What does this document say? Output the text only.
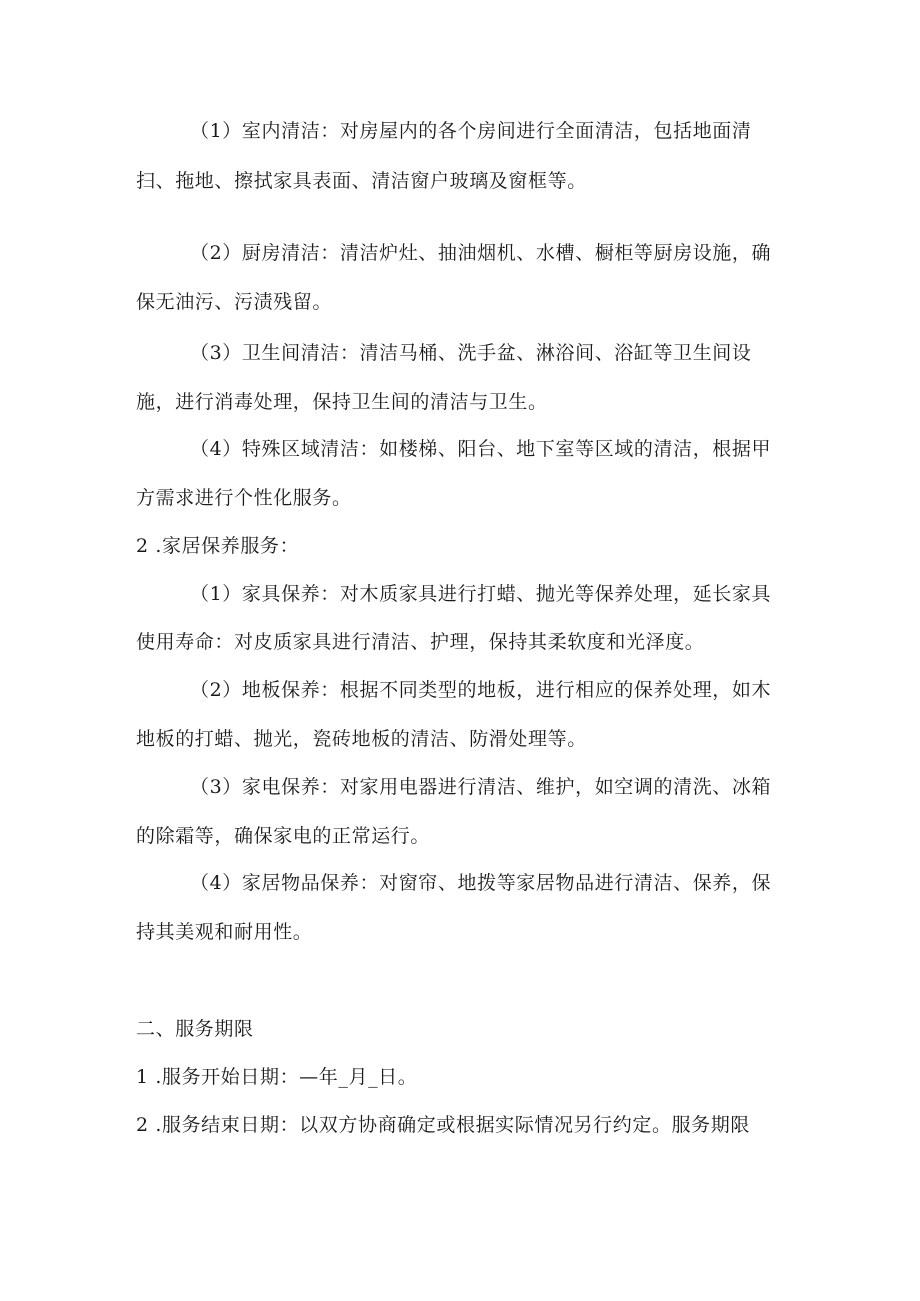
（1）室内清洁：对房屋内的各个房间进行全面清洁，包括地面清
扫、拖地、擦拭家具表面、清洁窗户玻璃及窗框等。
（2）厨房清洁：清洁炉灶、抽油烟机、水槽、橱柜等厨房设施，确
保无油污、污渍残留。
（3）卫生间清洁：清洁马桶、洗手盆、淋浴间、浴缸等卫生间设
施，进行消毒处理，保持卫生间的清洁与卫生。
（4）特殊区域清洁：如楼梯、阳台、地下室等区域的清洁，根据甲
方需求进行个性化服务。
2 .家居保养服务：
（1）家具保养：对木质家具进行打蜡、抛光等保养处理，延长家具
使用寿命：对皮质家具进行清洁、护理，保持其柔软度和光泽度。
（2）地板保养：根据不同类型的地板，进行相应的保养处理，如木
地板的打蜡、抛光，瓷砖地板的清洁、防滑处理等。
（3）家电保养：对家用电器进行清洁、维护，如空调的清洗、冰箱
的除霜等，确保家电的正常运行。
（4）家居物品保养：对窗帘、地拨等家居物品进行清洁、保养，保
持其美观和耐用性。
二、服务期限
1 .服务开始日期：—年_月_日。
2 .服务结束日期：以双方协商确定或根据实际情况另行约定。服务期限
